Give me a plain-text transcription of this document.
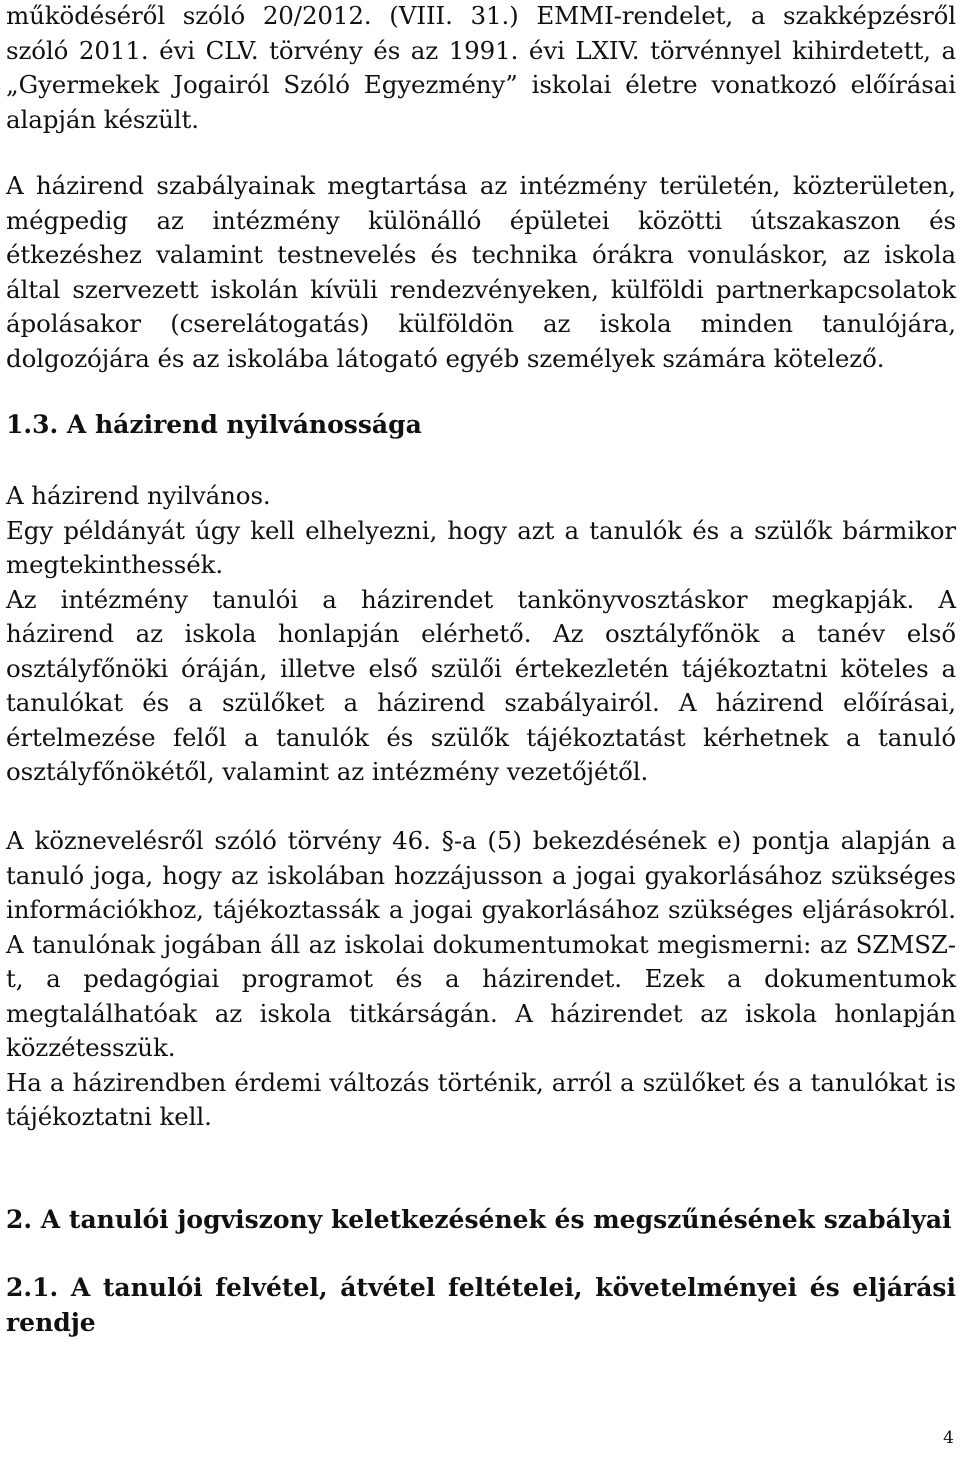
működéséről szóló 20/2012. (VIII. 31.) EMMI-rendelet, a szakképzésről
szóló 2011. évi CLV. törvény és az 1991. évi LXIV. törvénnyel kihirdetett, a
„Gyermekek Jogairól Szóló Egyezmény” iskolai életre vonatkozó előírásai
alapján készült.
A házirend szabályainak megtartása az intézmény területén, közterületen,
mégpedig az intézmény különálló épületei közötti útszakaszon és
étkezéshez valamint testnevelés és technika órákra vonuláskor, az iskola
által szervezett iskolán kívüli rendezvényeken, külföldi partnerkapcsolatok
ápolásakor (cserelátogatás) külföldön az iskola minden tanulójára,
dolgozójára és az iskolába látogató egyéb személyek számára kötelező.
1.3. A házirend nyilvánossága
A házirend nyilvános.
Egy példányát úgy kell elhelyezni, hogy azt a tanulók és a szülők bármikor
megtekinthessék.
Az intézmény tanulói a házirendet tankönyvosztáskor megkapják. A
házirend az iskola honlapján elérhető. Az osztályfőnök a tanév első
osztályfőnöki óráján, illetve első szülői értekezletén tájékoztatni köteles a
tanulókat és a szülőket a házirend szabályairól. A házirend előírásai,
értelmezése felől a tanulók és szülők tájékoztatást kérhetnek a tanuló
osztályfőnökétől, valamint az intézmény vezetőjétől.
A köznevelésről szóló törvény 46. §-a (5) bekezdésének e) pontja alapján a
tanuló joga, hogy az iskolában hozzájusson a jogai gyakorlásához szükséges
információkhoz, tájékoztassák a jogai gyakorlásához szükséges eljárásokról.
A tanulónak jogában áll az iskolai dokumentumokat megismerni: az SZMSZ-
t, a pedagógiai programot és a házirendet. Ezek a dokumentumok
megtalálhatóak az iskola titkárságán. A házirendet az iskola honlapján
közzétesszük.
Ha a házirendben érdemi változás történik, arról a szülőket és a tanulókat is
tájékoztatni kell.
2. A tanulói jogviszony keletkezésének és megszűnésének szabályai
2.1. A tanulói felvétel, átvétel feltételei, követelményei és eljárási
rendje
4
